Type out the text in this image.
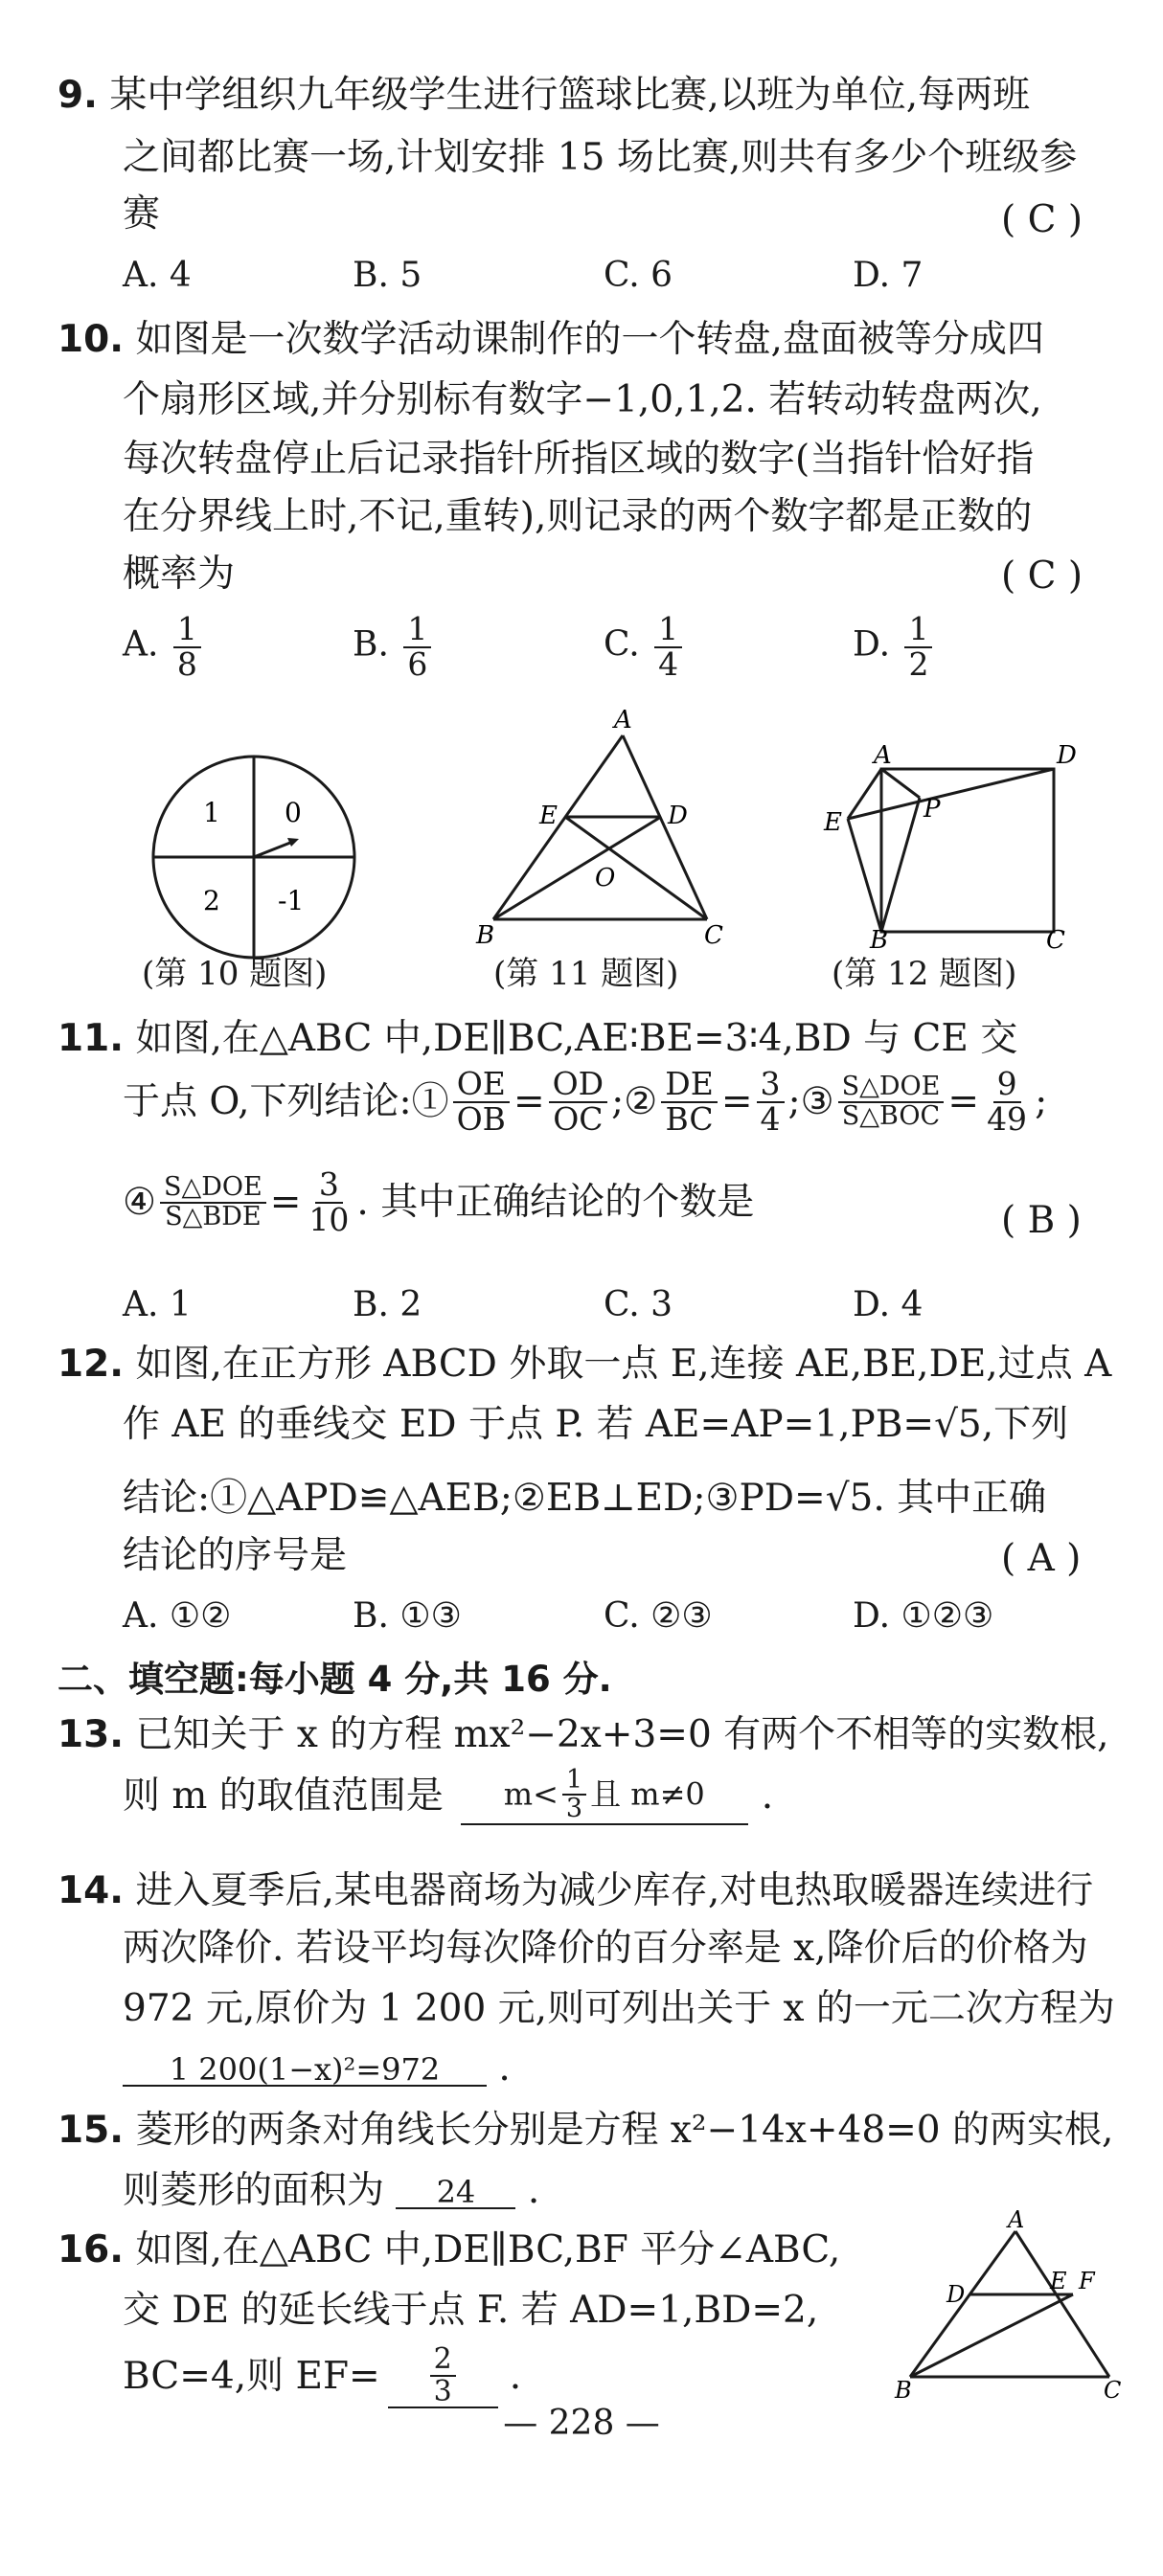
9. 某中学组织九年级学生进行篮球比赛,以班为单位,每两班
之间都比赛一场,计划安排 15 场比赛,则共有多少个班级参
赛	( C )
A. 4	B. 5	C. 6	D. 7
10. 如图是一次数学活动课制作的一个转盘,盘面被等分成四
个扇形区域,并分别标有数字−1,0,1,2. 若转动转盘两次,
每次转盘停止后记录指针所指区域的数字(当指针恰好指
在分界线上时,不记,重转),则记录的两个数字都是正数的
概率为	( C )
A. $\frac{1}{8}$	B. $\frac{1}{6}$	C. $\frac{1}{4}$	D. $\frac{1}{2}$
1 0
2 -1
(第 10 题图)
A
E	D
O
B	C
(第 11 题图)
A	D
E	P
B	C
(第 12 题图)
11. 如图,在△ABC 中,DE∥BC,AE∶BE=3∶4,BD 与 CE 交
于点 O,下列结论:① $\frac{OE}{OB} = \frac{OD}{OC}$ ;② $\frac{DE}{BC} = \frac{3}{4}$ ;③ $\frac{\text{S△DOE}}{\text{S△BOC}} = \frac{9}{49}$ ;
④ $\frac{\text{S△DOE}}{\text{S△BDE}} = \frac{3}{10}$ . 其中正确结论的个数是	( B )
A. 1	B. 2	C. 3	D. 4
12. 如图,在正方形 ABCD 外取一点 E,连接 AE,BE,DE,过点 A
作 AE 的垂线交 ED 于点 P. 若 AE=AP=1,PB=√5,下列
结论:①△APD≌△AEB;②EB⊥ED;③PD=√5. 其中正确
结论的序号是	( A )
A. ①②	B. ①③	C. ②③	D. ①②③
二、填空题:每小题 4 分,共 16 分.
13. 已知关于 x 的方程 mx²−2x+3=0 有两个不相等的实数根,
则 m 的取值范围是	$m< \frac{1}{3}$ 且 m≠0	.
14. 进入夏季后,某电器商场为减少库存,对电热取暖器连续进行
两次降价. 若设平均每次降价的百分率是 x,降价后的价格为
972 元,原价为 1 200 元,则可列出关于 x 的一元二次方程为
1 200(1−x)²=972 .
15. 菱形的两条对角线长分别是方程 x²−14x+48=0 的两实根,
则菱形的面积为 24 .
16. 如图,在△ABC 中,DE∥BC,BF 平分∠ABC,
交 DE 的延长线于点 F. 若 AD=1,BD=2,
BC=4,则 $EF= \frac{2}{3}$ .
A
D	E F
B	C
— 228 —
